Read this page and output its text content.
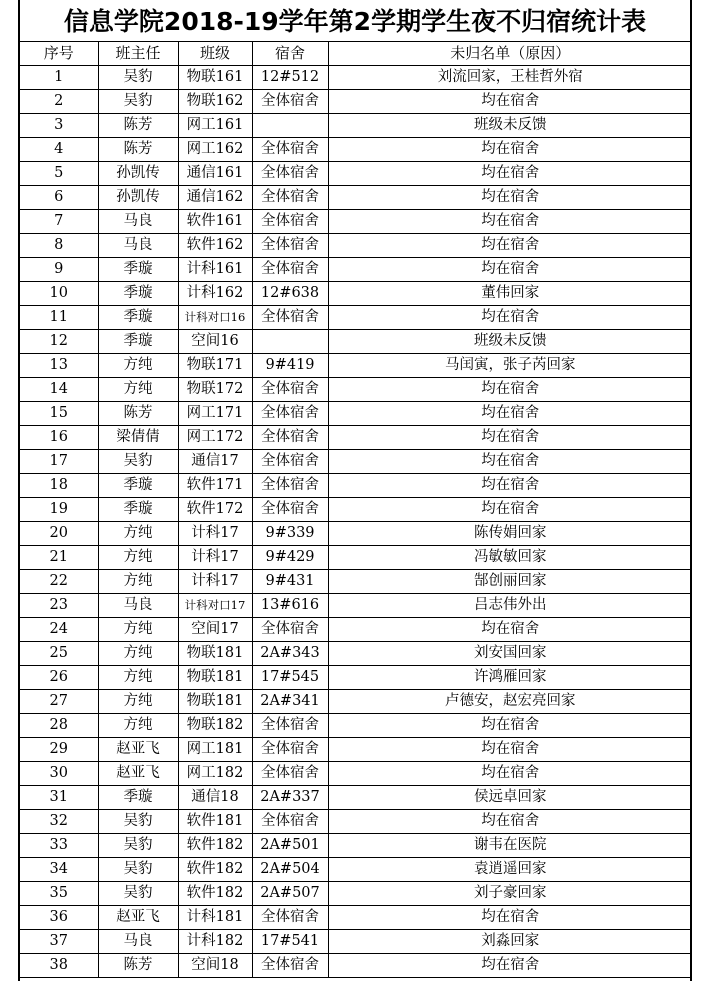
信息学院2018-19学年第2学期学生夜不归宿统计表
序号	班主任	班级	宿舍	未归名单（原因）
1	吴豹	物联161	12#512	刘流回家，王桂哲外宿
2	吴豹	物联162	全体宿舍	均在宿舍
3	陈芳	网工161		班级未反馈
4	陈芳	网工162	全体宿舍	均在宿舍
5	孙凯传	通信161	全体宿舍	均在宿舍
6	孙凯传	通信162	全体宿舍	均在宿舍
7	马良	软件161	全体宿舍	均在宿舍
8	马良	软件162	全体宿舍	均在宿舍
9	季璇	计科161	全体宿舍	均在宿舍
10	季璇	计科162	12#638	董伟回家
11	季璇	计科对口16	全体宿舍	均在宿舍
12	季璇	空间16		班级未反馈
13	方纯	物联171	9#419	马闰寅，张子芮回家
14	方纯	物联172	全体宿舍	均在宿舍
15	陈芳	网工171	全体宿舍	均在宿舍
16	梁倩倩	网工172	全体宿舍	均在宿舍
17	吴豹	通信17	全体宿舍	均在宿舍
18	季璇	软件171	全体宿舍	均在宿舍
19	季璇	软件172	全体宿舍	均在宿舍
20	方纯	计科17	9#339	陈传娟回家
21	方纯	计科17	9#429	冯敏敏回家
22	方纯	计科17	9#431	郜创丽回家
23	马良	计科对口17	13#616	吕志伟外出
24	方纯	空间17	全体宿舍	均在宿舍
25	方纯	物联181	2A#343	刘安国回家
26	方纯	物联181	17#545	许鸿雁回家
27	方纯	物联181	2A#341	卢德安，赵宏亮回家
28	方纯	物联182	全体宿舍	均在宿舍
29	赵亚飞	网工181	全体宿舍	均在宿舍
30	赵亚飞	网工182	全体宿舍	均在宿舍
31	季璇	通信18	2A#337	侯远卓回家
32	吴豹	软件181	全体宿舍	均在宿舍
33	吴豹	软件182	2A#501	谢韦在医院
34	吴豹	软件182	2A#504	袁逍遥回家
35	吴豹	软件182	2A#507	刘子豪回家
36	赵亚飞	计科181	全体宿舍	均在宿舍
37	马良	计科182	17#541	刘淼回家
38	陈芳	空间18	全体宿舍	均在宿舍
